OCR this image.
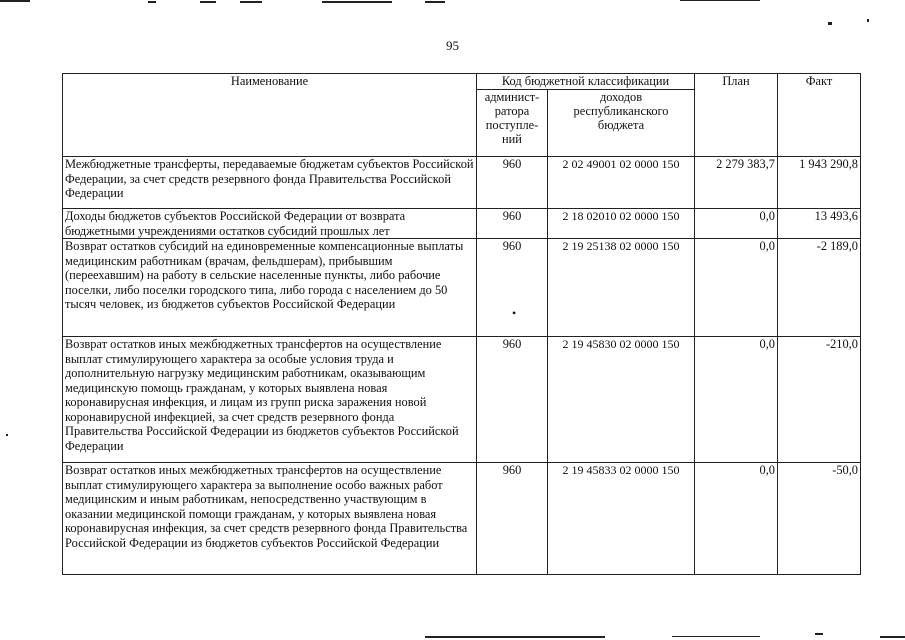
95
Наименование	Код бюджетной классификации		План	Факт
	админист-
ратора
поступле-
ний	доходов
республиканского
бюджета		
Межбюджетные трансферты, передаваемые бюджетам субъектов Российской Федерации, за счет средств резервного фонда Правительства Российской Федерации	960	2 02 49001 02 0000 150	2 279 383,7	1 943 290,8
Доходы бюджетов субъектов Российской Федерации от возврата бюджетными учреждениями остатков субсидий прошлых лет	960	2 18 02010 02 0000 150	0,0	13 493,6
Возврат остатков субсидий на единовременные компенсационные выплаты медицинским работникам (врачам, фельдшерам), прибывшим (переехавшим) на работу в сельские населенные пункты, либо рабочие поселки, либо поселки городского типа, либо города с населением до 50 тысяч человек, из бюджетов субъектов Российской Федерации	960	2 19 25138 02 0000 150	0,0	-2 189,0
Возврат остатков иных межбюджетных трансфертов на осуществление выплат стимулирующего характера за особые условия труда и дополнительную нагрузку медицинским работникам, оказывающим медицинскую помощь гражданам, у которых выявлена новая коронавирусная инфекция, и лицам из групп риска заражения новой коронавирусной инфекцией, за счет средств резервного фонда Правительства Российской Федерации из бюджетов субъектов Российской Федерации	960	2 19 45830 02 0000 150	0,0	-210,0
Возврат остатков иных межбюджетных трансфертов на осуществление выплат стимулирующего характера за выполнение особо важных работ медицинским и иным работникам, непосредственно участвующим в оказании медицинской помощи гражданам, у которых выявлена новая коронавирусная инфекция, за счет средств резервного фонда Правительства Российской Федерации из бюджетов субъектов Российской Федерации	960	2 19 45833 02 0000 150	0,0	-50,0
•
